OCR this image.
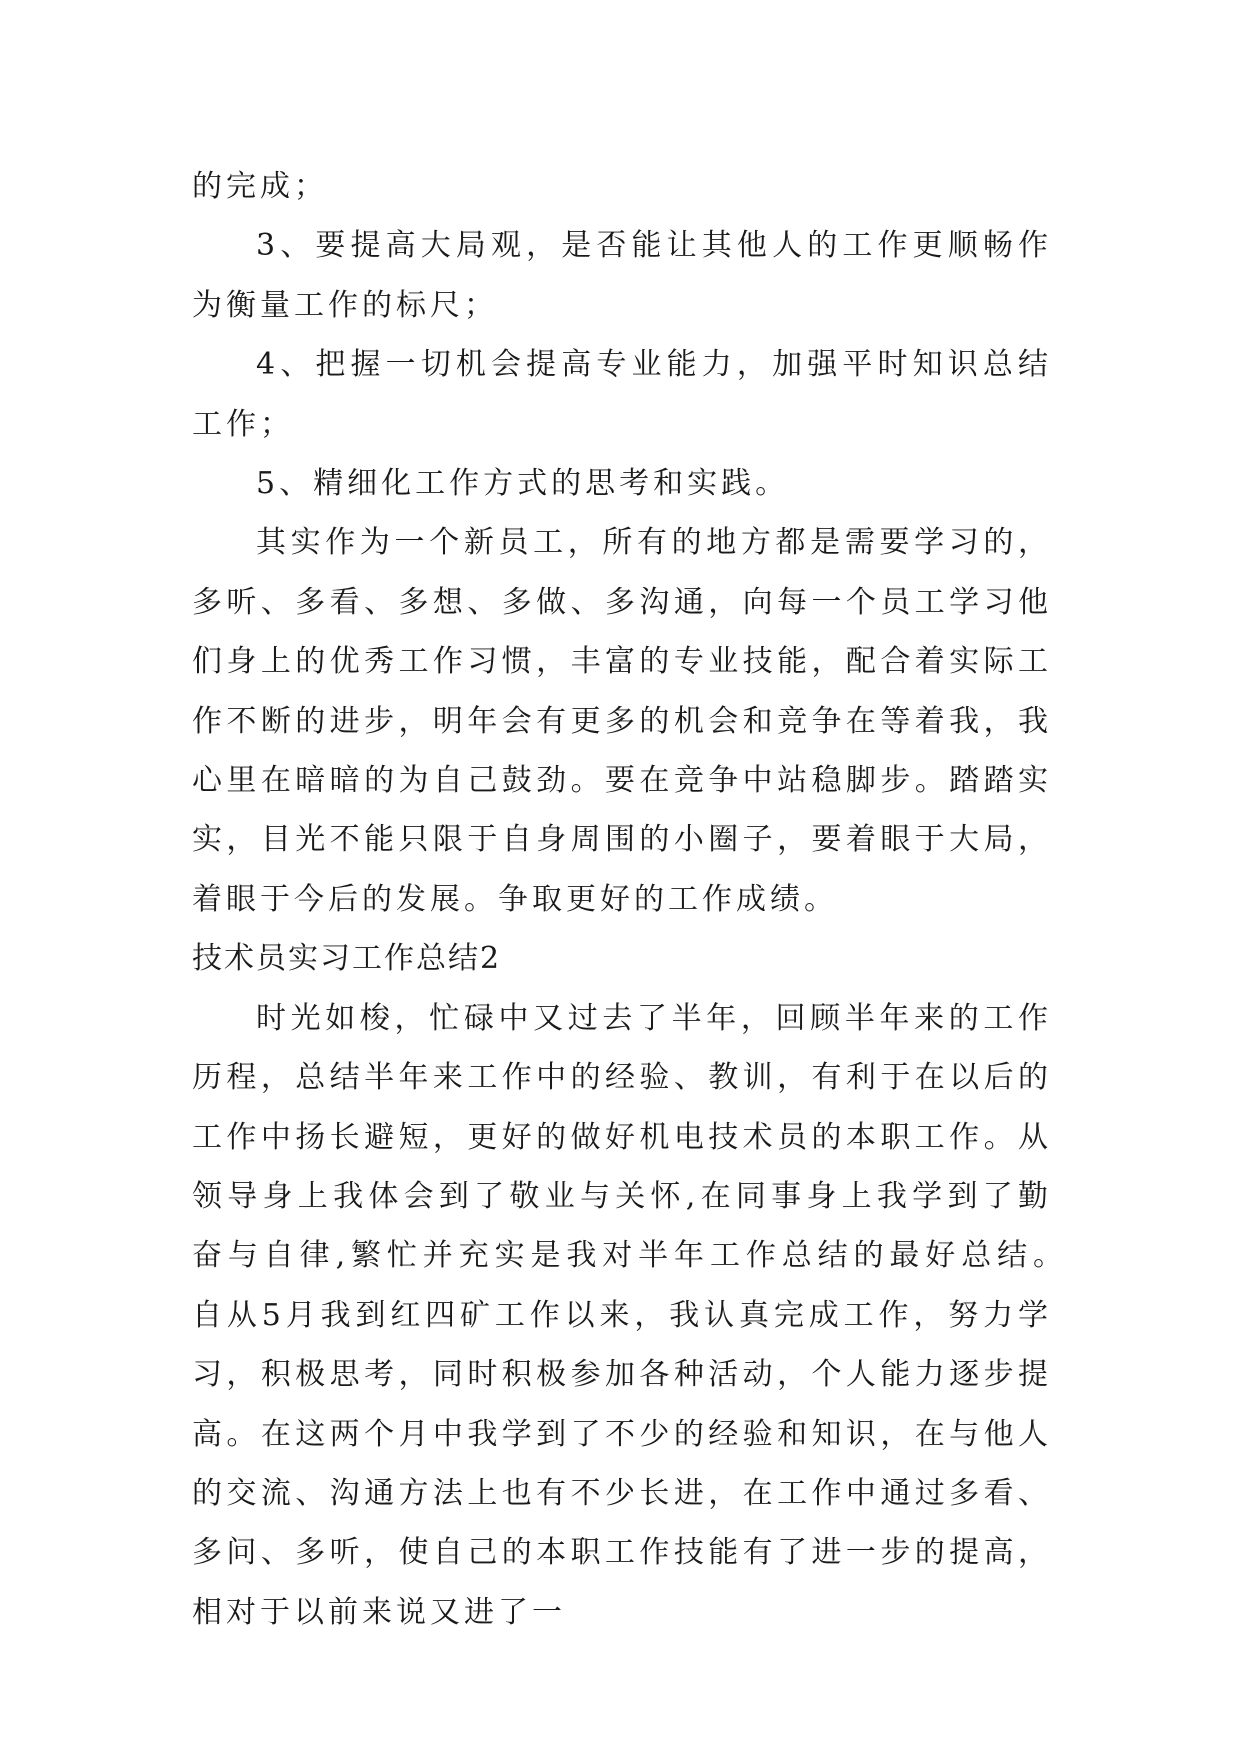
的完成；

3、要提高大局观，是否能让其他人的工作更顺畅作为衡量工作的标尺；

4、把握一切机会提高专业能力，加强平时知识总结工作；

5、精细化工作方式的思考和实践。

其实作为一个新员工，所有的地方都是需要学习的，多听、多看、多想、多做、多沟通，向每一个员工学习他们身上的优秀工作习惯，丰富的专业技能，配合着实际工作不断的进步，明年会有更多的机会和竞争在等着我，我心里在暗暗的为自己鼓劲。要在竞争中站稳脚步。踏踏实实，目光不能只限于自身周围的小圈子，要着眼于大局，着眼于今后的发展。争取更好的工作成绩。

技术员实习工作总结2

时光如梭，忙碌中又过去了半年，回顾半年来的工作历程，总结半年来工作中的经验、教训，有利于在以后的工作中扬长避短，更好的做好机电技术员的本职工作。从领导身上我体会到了敬业与关怀,在同事身上我学到了勤奋与自律,繁忙并充实是我对半年工作总结的最好总结。　自从5月我到红四矿工作以来，我认真完成工作，努力学习，积极思考，同时积极参加各种活动，个人能力逐步提高。在这两个月中我学到了不少的经验和知识，在与他人的交流、沟通方法上也有不少长进，在工作中通过多看、多问、多听，使自己的本职工作技能有了进一步的提高，相对于以前来说又进了一
